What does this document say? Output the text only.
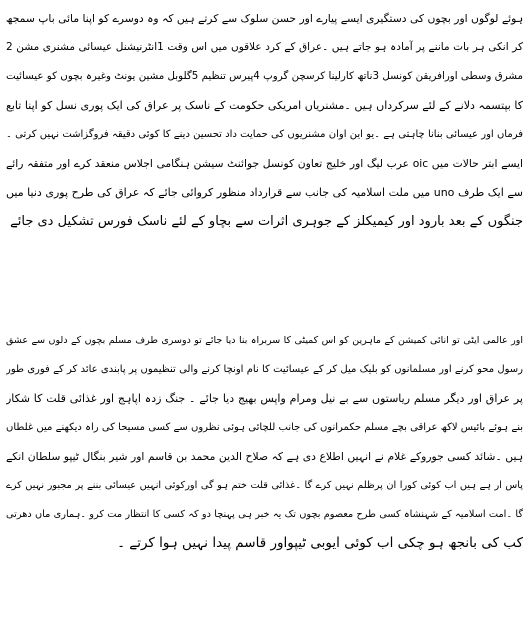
ہوئے لوگوں اور بچوں کی دستگیری ایسے پیارے اور حسن سلوک سے کرتے ہیں کہ وہ دوسرے کو اپنا مائی باپ سمجھ
کر انکی ہر بات ماننے پر آمادہ ہو جاتے ہیں ۔عراق کے کرد علاقوں میں اس وقت 1انٹرنیشنل عیسائی مشنری مشن 2
مشرق وسطی اورافریقن کونسل 3ناتھ کارلینا کرسچن گروپ 4پیرس تنظیم 5گلوبل مشین یونٹ وغیرہ بچوں کو عیسائیت
کا بپتسمہ دلانے کے لئے سرکرداں ہیں ۔مشنریاں امریکی حکومت کے ناسک پر عراق کی ایک پوری نسل کو اپنا تابع
فرماں اور عیسائی بنانا چاہتی ہے ۔یو این اوان مشنریوں کی حمایت داد تحسین دینے کا کوئی دقیقہ فروگزاشت نہیں کرتی ۔
ایسے ابتر حالات میں oic عرب لیگ اور خلیج تعاون کونسل جوائنٹ سیشن ہنگامی اجلاس منعقد کرے اور متفقہ رائے
سے ایک طرف uno میں ملت اسلامیہ کی جانب سے قرارداد منظور کروائی جائے کہ عراق کی طرح پوری دنیا میں
جنگوں کے بعد بارود اور کیمیکلز کے جوہری اثرات سے بچاو کے لئے ناسک فورس تشکیل دی جائے
اور عالمی ایٹی تو انائی کمیشن کے ماہرین کو اس کمیٹی کا سربراہ بنا دیا جائے تو دوسری طرف مسلم بچوں کے دلوں سے عشق
رسول محو کرنے اور مسلمانوں کو بلیک میل کر کے عیسائیت کا نام اونچا کرنے والی تنظیموں پر پابندی عائد کر کے فوری طور
پر عراق اور دیگر مسلم ریاستوں سے بے نیل ومرام واپس بھیج دیا جائے ۔ جنگ زدہ اپاہج اور غذائی قلت کا شکار
بنے ہوئے بائیس لاکھ عراقی بچے مسلم حکمرانوں کی جانب للچائی ہوئی نظروں سے کسی مسیحا کی راہ دیکھنے میں غلطاں
ہیں ۔شائد کسی جوروکے غلام نے انہیں اطلاع دی ہے کہ صلاح الدین محمد بن قاسم اور شیر بنگال ٹیپو سلطان انکے
پاس ار ہے ہیں اب کوئی کورا ان پرظلم نہیں کرے گا ۔غذائی قلت ختم ہو گی اورکوئی انہیں عیسائی بننے پر مجبور نہیں کرے
گا ۔امت اسلامیہ کے شہنشاہ کسی طرح معصوم بچوں تک یہ خبر ہی پہنچا دو کہ کسی کا انتظار مت کرو ۔ہماری ماں دھرتی
کب کی بانجھ ہو چکی اب کوئی ایوبی ٹیپواور قاسم پیدا نہیں ہوا کرتے ۔
